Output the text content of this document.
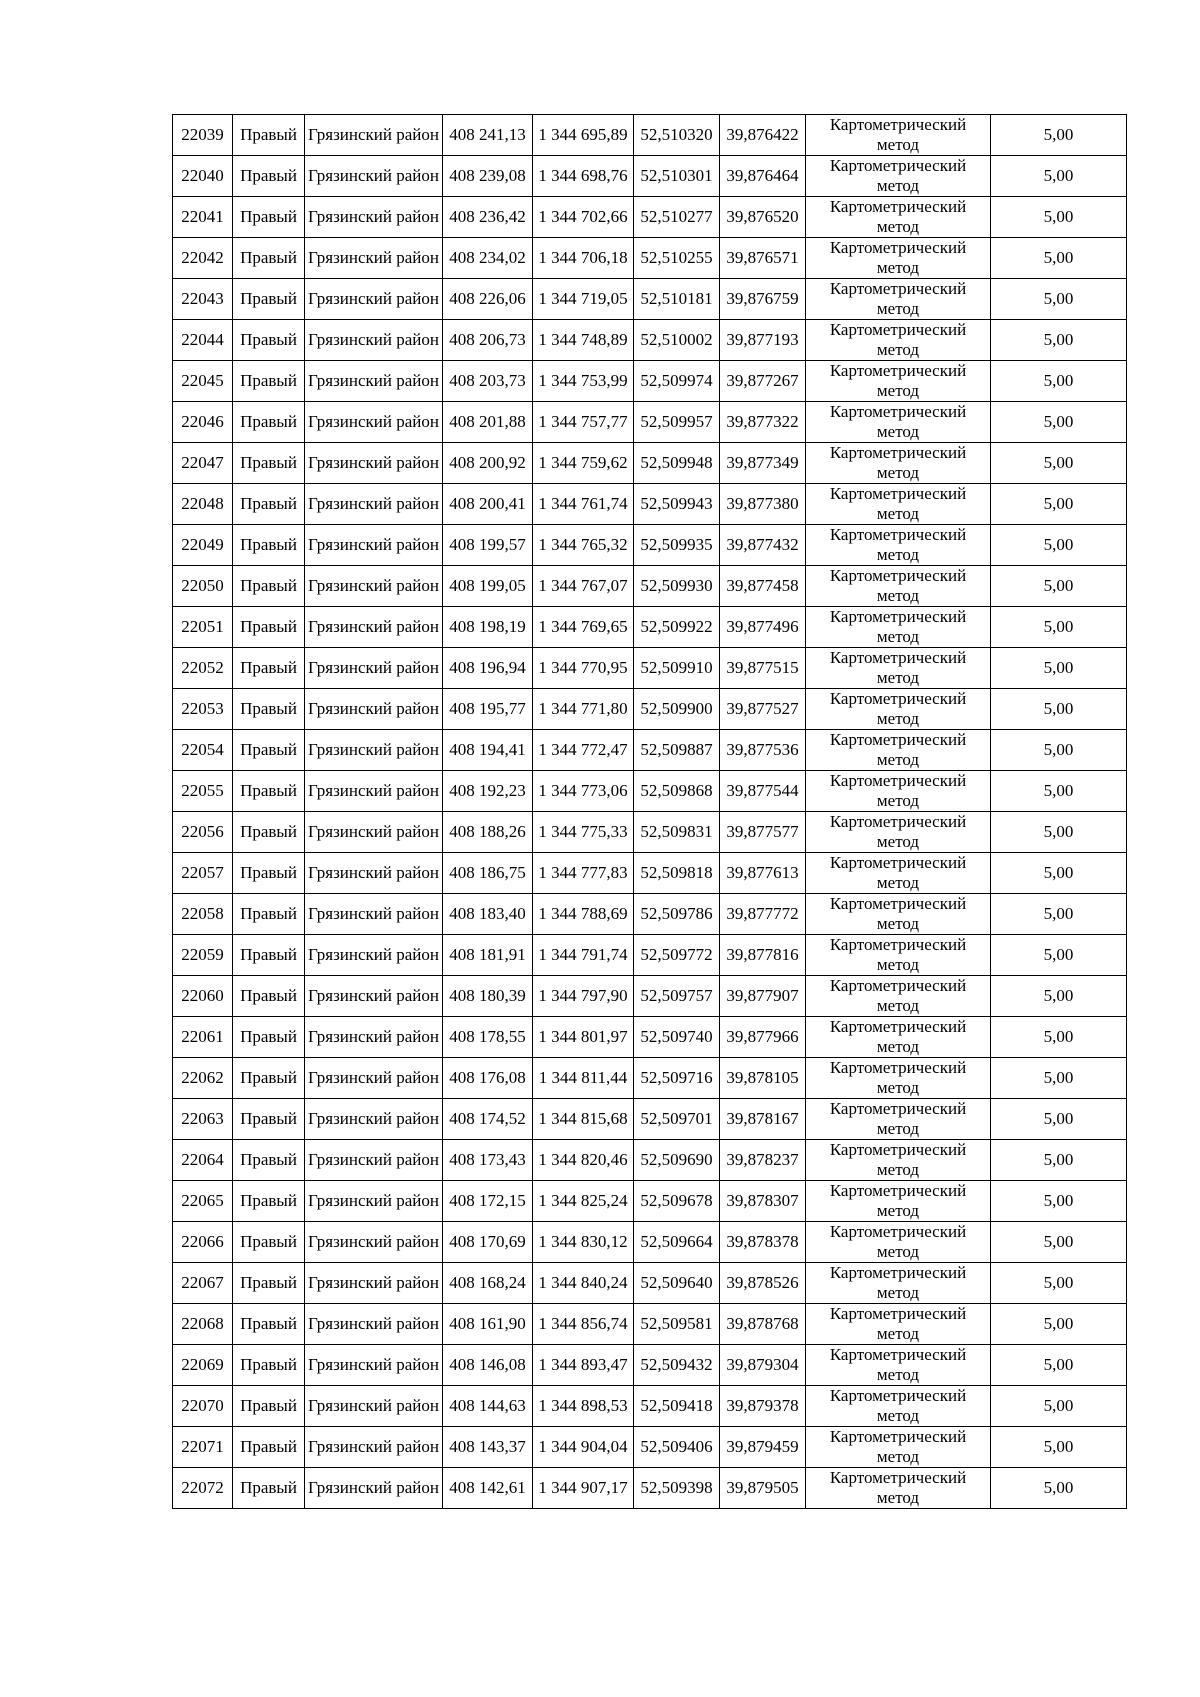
22039	Правый	Грязинский район	408 241,13	1 344 695,89	52,510320	39,876422	Картометрический метод	5,00
22040	Правый	Грязинский район	408 239,08	1 344 698,76	52,510301	39,876464	Картометрический метод	5,00
22041	Правый	Грязинский район	408 236,42	1 344 702,66	52,510277	39,876520	Картометрический метод	5,00
22042	Правый	Грязинский район	408 234,02	1 344 706,18	52,510255	39,876571	Картометрический метод	5,00
22043	Правый	Грязинский район	408 226,06	1 344 719,05	52,510181	39,876759	Картометрический метод	5,00
22044	Правый	Грязинский район	408 206,73	1 344 748,89	52,510002	39,877193	Картометрический метод	5,00
22045	Правый	Грязинский район	408 203,73	1 344 753,99	52,509974	39,877267	Картометрический метод	5,00
22046	Правый	Грязинский район	408 201,88	1 344 757,77	52,509957	39,877322	Картометрический метод	5,00
22047	Правый	Грязинский район	408 200,92	1 344 759,62	52,509948	39,877349	Картометрический метод	5,00
22048	Правый	Грязинский район	408 200,41	1 344 761,74	52,509943	39,877380	Картометрический метод	5,00
22049	Правый	Грязинский район	408 199,57	1 344 765,32	52,509935	39,877432	Картометрический метод	5,00
22050	Правый	Грязинский район	408 199,05	1 344 767,07	52,509930	39,877458	Картометрический метод	5,00
22051	Правый	Грязинский район	408 198,19	1 344 769,65	52,509922	39,877496	Картометрический метод	5,00
22052	Правый	Грязинский район	408 196,94	1 344 770,95	52,509910	39,877515	Картометрический метод	5,00
22053	Правый	Грязинский район	408 195,77	1 344 771,80	52,509900	39,877527	Картометрический метод	5,00
22054	Правый	Грязинский район	408 194,41	1 344 772,47	52,509887	39,877536	Картометрический метод	5,00
22055	Правый	Грязинский район	408 192,23	1 344 773,06	52,509868	39,877544	Картометрический метод	5,00
22056	Правый	Грязинский район	408 188,26	1 344 775,33	52,509831	39,877577	Картометрический метод	5,00
22057	Правый	Грязинский район	408 186,75	1 344 777,83	52,509818	39,877613	Картометрический метод	5,00
22058	Правый	Грязинский район	408 183,40	1 344 788,69	52,509786	39,877772	Картометрический метод	5,00
22059	Правый	Грязинский район	408 181,91	1 344 791,74	52,509772	39,877816	Картометрический метод	5,00
22060	Правый	Грязинский район	408 180,39	1 344 797,90	52,509757	39,877907	Картометрический метод	5,00
22061	Правый	Грязинский район	408 178,55	1 344 801,97	52,509740	39,877966	Картометрический метод	5,00
22062	Правый	Грязинский район	408 176,08	1 344 811,44	52,509716	39,878105	Картометрический метод	5,00
22063	Правый	Грязинский район	408 174,52	1 344 815,68	52,509701	39,878167	Картометрический метод	5,00
22064	Правый	Грязинский район	408 173,43	1 344 820,46	52,509690	39,878237	Картометрический метод	5,00
22065	Правый	Грязинский район	408 172,15	1 344 825,24	52,509678	39,878307	Картометрический метод	5,00
22066	Правый	Грязинский район	408 170,69	1 344 830,12	52,509664	39,878378	Картометрический метод	5,00
22067	Правый	Грязинский район	408 168,24	1 344 840,24	52,509640	39,878526	Картометрический метод	5,00
22068	Правый	Грязинский район	408 161,90	1 344 856,74	52,509581	39,878768	Картометрический метод	5,00
22069	Правый	Грязинский район	408 146,08	1 344 893,47	52,509432	39,879304	Картометрический метод	5,00
22070	Правый	Грязинский район	408 144,63	1 344 898,53	52,509418	39,879378	Картометрический метод	5,00
22071	Правый	Грязинский район	408 143,37	1 344 904,04	52,509406	39,879459	Картометрический метод	5,00
22072	Правый	Грязинский район	408 142,61	1 344 907,17	52,509398	39,879505	Картометрический метод	5,00
